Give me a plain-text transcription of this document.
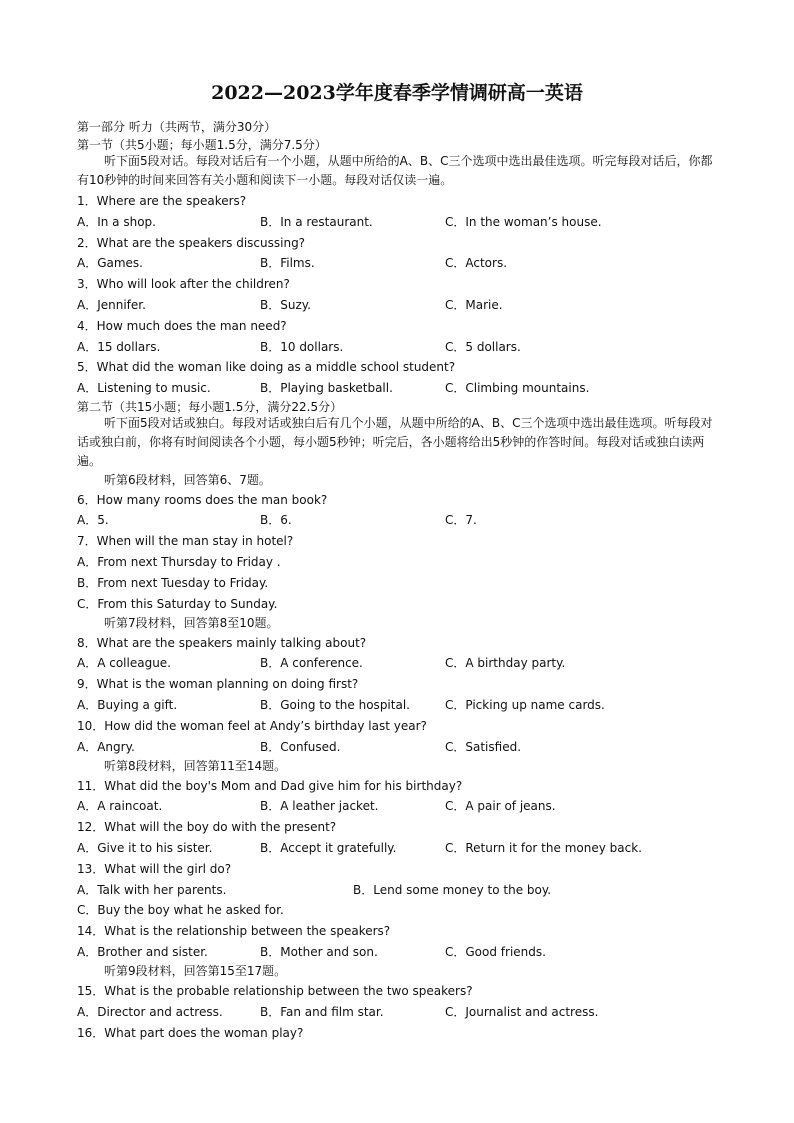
2022—2023学年度春季学情调研高一英语
第一部分 听力（共两节，满分30分）
第一节（共5小题；每小题1.5分，满分7.5分）
听下面5段对话。每段对话后有一个小题，从题中所给的A、B、C三个选项中选出最佳选项。听完每段对话后，你都有10秒钟的时间来回答有关小题和阅读下一小题。每段对话仅读一遍。
1．Where are the speakers?
A．In a shop.	B．In a restaurant.	C．In the woman’s house.
2．What are the speakers discussing?
A．Games.	B．Films.	C．Actors.
3．Who will look after the children?
A．Jennifer.	B．Suzy.	C．Marie.
4．How much does the man need?
A．15 dollars.	B．10 dollars.	C．5 dollars.
5．What did the woman like doing as a middle school student?
A．Listening to music.	B．Playing basketball.	C．Climbing mountains.
第二节（共15小题；每小题1.5分，满分22.5分）
听下面5段对话或独白。每段对话或独白后有几个小题，从题中所给的A、B、C三个选项中选出最佳选项。听每段对话或独白前，你将有时间阅读各个小题，每小题5秒钟；听完后，各小题将给出5秒钟的作答时间。每段对话或独白读两遍。
听第6段材料，回答第6、7题。
6．How many rooms does the man book?
A．5.	B．6.	C．7.
7．When will the man stay in hotel?
A．From next Thursday to Friday .
B．From next Tuesday to Friday.
C．From this Saturday to Sunday.
听第7段材料，回答第8至10题。
8．What are the speakers mainly talking about?
A．A colleague.	B．A conference.	C．A birthday party.
9．What is the woman planning on doing first?
A．Buying a gift.	B．Going to the hospital.	C．Picking up name cards.
10．How did the woman feel at Andy’s birthday last year?
A．Angry.	B．Confused.	C．Satisfied.
听第8段材料，回答第11至14题。
11．What did the boy's Mom and Dad give him for his birthday?
A．A raincoat.	B．A leather jacket.	C．A pair of jeans.
12．What will the boy do with the present?
A．Give it to his sister.	B．Accept it gratefully.	C．Return it for the money back.
13．What will the girl do?
A．Talk with her parents.	B．Lend some money to the boy.
C．Buy the boy what he asked for.
14．What is the relationship between the speakers?
A．Brother and sister.	B．Mother and son.	C．Good friends.
听第9段材料，回答第15至17题。
15．What is the probable relationship between the two speakers?
A．Director and actress.	B．Fan and film star.	C．Journalist and actress.
16．What part does the woman play?
